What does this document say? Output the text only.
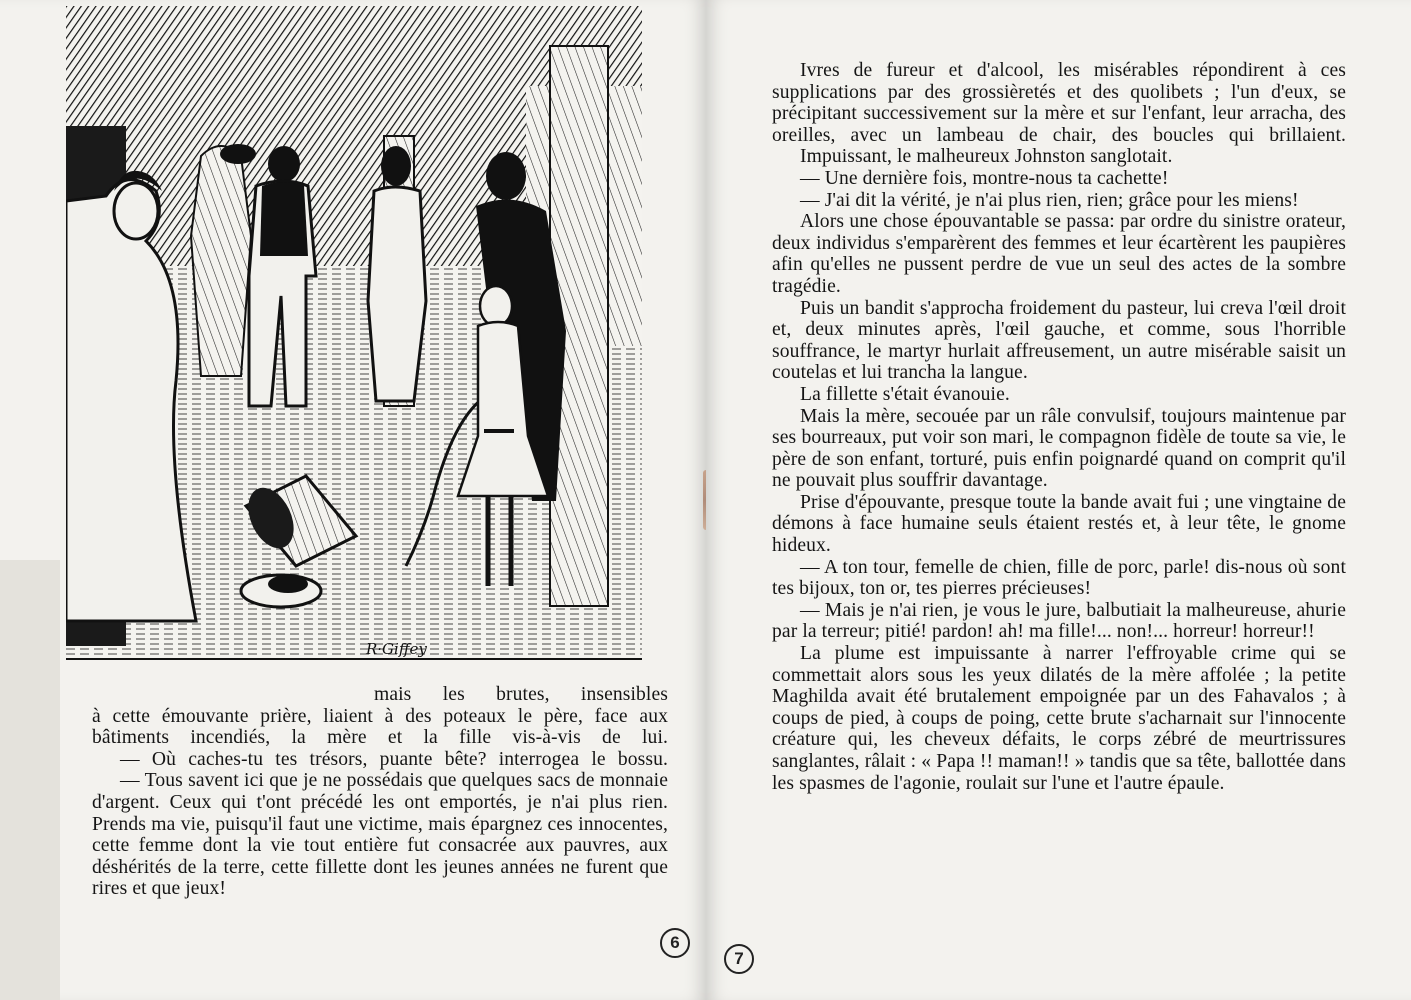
R·Giffey

mais les brutes, insensibles

à cette émouvante prière, liaient à des poteaux le père, face aux bâtiments incendiés, la mère et la fille vis-à-vis de lui.

— Où caches-tu tes trésors, puante bête? interrogea le bossu.

— Tous savent ici que je ne possédais que quelques sacs de monnaie d'argent. Ceux qui t'ont précédé les ont emportés, je n'ai plus rien. Prends ma vie, puisqu'il faut une victime, mais épargnez ces innocentes, cette femme dont la vie tout entière fut consacrée aux pauvres, aux déshérités de la terre, cette fillette dont les jeunes années ne furent que rires et que jeux!

6
7

Ivres de fureur et d'alcool, les misérables répondirent à ces supplications par des grossièretés et des quolibets ; l'un d'eux, se précipitant successivement sur la mère et sur l'enfant, leur arracha, des oreilles, avec un lambeau de chair, des boucles qui brillaient.

Impuissant, le malheureux Johnston sanglotait.

— Une dernière fois, montre-nous ta cachette!

— J'ai dit la vérité, je n'ai plus rien, rien; grâce pour les miens!

Alors une chose épouvantable se passa: par ordre du sinistre orateur, deux individus s'emparèrent des femmes et leur écartèrent les paupières afin qu'elles ne pussent perdre de vue un seul des actes de la sombre tragédie.

Puis un bandit s'approcha froidement du pasteur, lui creva l'œil droit et, deux minutes après, l'œil gauche, et comme, sous l'horrible souffrance, le martyr hurlait affreusement, un autre misérable saisit un coutelas et lui trancha la langue.

La fillette s'était évanouie.

Mais la mère, secouée par un râle convulsif, toujours maintenue par ses bourreaux, put voir son mari, le compagnon fidèle de toute sa vie, le père de son enfant, torturé, puis enfin poignardé quand on comprit qu'il ne pouvait plus souffrir davantage.

Prise d'épouvante, presque toute la bande avait fui ; une vingtaine de démons à face humaine seuls étaient restés et, à leur tête, le gnome hideux.

— A ton tour, femelle de chien, fille de porc, parle! dis-nous où sont tes bijoux, ton or, tes pierres précieuses!

— Mais je n'ai rien, je vous le jure, balbutiait la malheureuse, ahurie par la terreur; pitié! pardon! ah! ma fille!... non!... horreur! horreur!!

La plume est impuissante à narrer l'effroyable crime qui se commettait alors sous les yeux dilatés de la mère affolée ; la petite Maghilda avait été brutalement empoignée par un des Fahavalos ; à coups de pied, à coups de poing, cette brute s'acharnait sur l'innocente créature qui, les cheveux défaits, le corps zébré de meurtrissures sanglantes, râlait : « Papa !! maman!! » tandis que sa tête, ballottée dans les spasmes de l'agonie, roulait sur l'une et l'autre épaule.
